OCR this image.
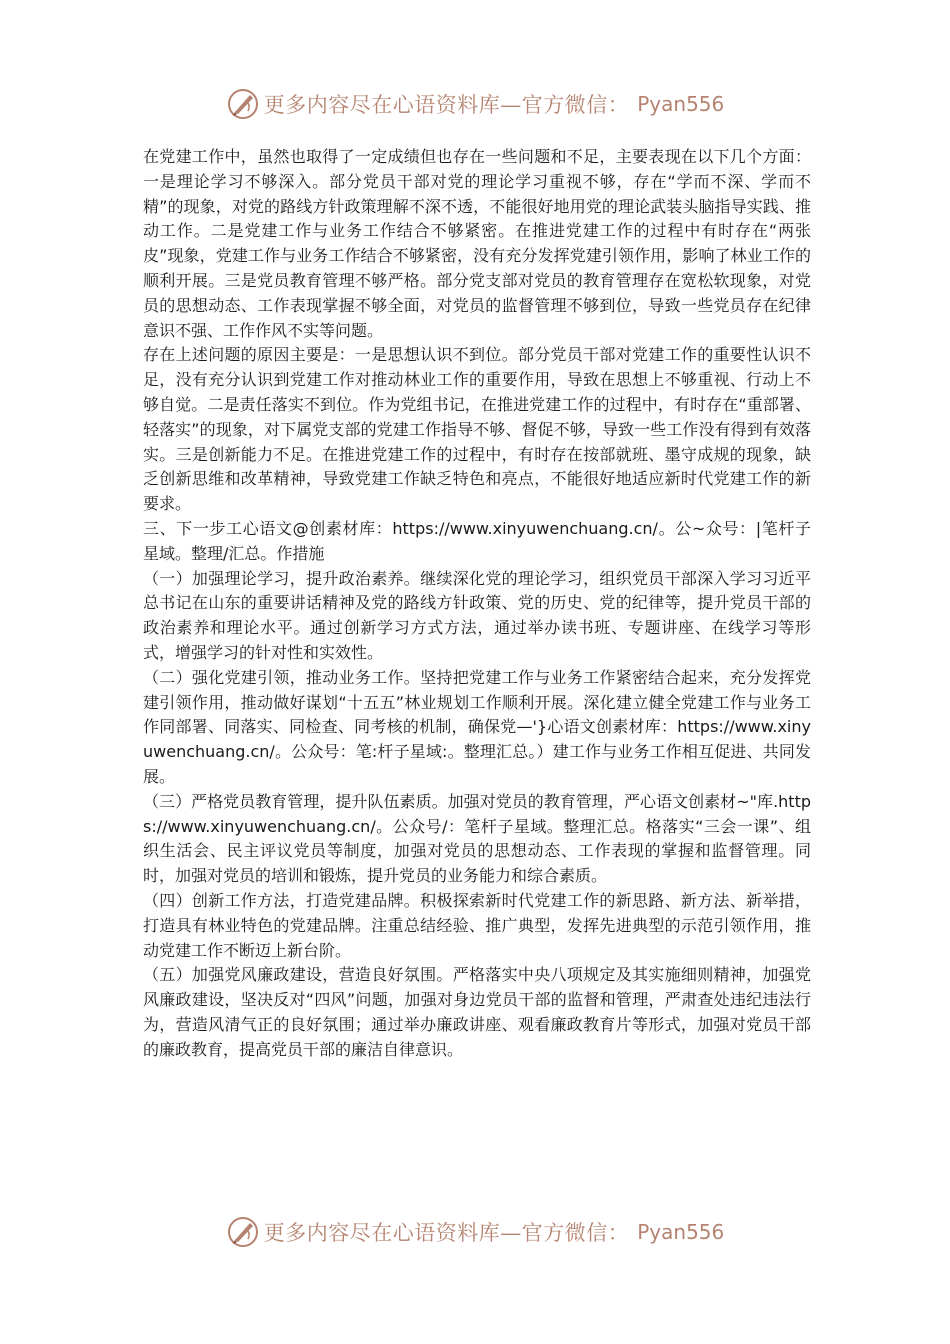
更多内容尽在心语资料库—官方微信： Pyan556

在党建工作中，虽然也取得了一定成绩但也存在一些问题和不足，主要表现在以下几个方面：一是理论学习不够深入。部分党员干部对党的理论学习重视不够，存在“学而不深、学而不精”的现象，对党的路线方针政策理解不深不透，不能很好地用党的理论武装头脑指导实践、推动工作。二是党建工作与业务工作结合不够紧密。在推进党建工作的过程中有时存在“两张皮”现象，党建工作与业务工作结合不够紧密，没有充分发挥党建引领作用，影响了林业工作的顺利开展。三是党员教育管理不够严格。部分党支部对党员的教育管理存在宽松软现象，对党员的思想动态、工作表现掌握不够全面，对党员的监督管理不够到位，导致一些党员存在纪律意识不强、工作作风不实等问题。

存在上述问题的原因主要是：一是思想认识不到位。部分党员干部对党建工作的重要性认识不足，没有充分认识到党建工作对推动林业工作的重要作用，导致在思想上不够重视、行动上不够自觉。二是责任落实不到位。作为党组书记，在推进党建工作的过程中，有时存在“重部署、轻落实”的现象，对下属党支部的党建工作指导不够、督促不够，导致一些工作没有得到有效落实。三是创新能力不足。在推进党建工作的过程中，有时存在按部就班、墨守成规的现象，缺乏创新思维和改革精神，导致党建工作缺乏特色和亮点，不能很好地适应新时代党建工作的新要求。

三、下一步工心语文@创素材库：https://www.xinyuwenchuang.cn/。公~众号：|笔杆子星域。整理/汇总。作措施

（一）加强理论学习，提升政治素养。继续深化党的理论学习，组织党员干部深入学习习近平总书记在山东的重要讲话精神及党的路线方针政策、党的历史、党的纪律等，提升党员干部的政治素养和理论水平。通过创新学习方式方法，通过举办读书班、专题讲座、在线学习等形式，增强学习的针对性和实效性。

（二）强化党建引领，推动业务工作。坚持把党建工作与业务工作紧密结合起来，充分发挥党建引领作用，推动做好谋划“十五五”林业规划工作顺利开展。深化建立健全党建工作与业务工作同部署、同落实、同检查、同考核的机制，确保党—'}心语文创素材库：https://www.xinyuwenchuang.cn/。公众号：笔:杆子星域:。整理汇总。）建工作与业务工作相互促进、共同发展。

（三）严格党员教育管理，提升队伍素质。加强对党员的教育管理，严心语文创素材~"库.https://www.xinyuwenchuang.cn/。公众号/：笔杆子星域。整理汇总。格落实“三会一课”、组织生活会、民主评议党员等制度，加强对党员的思想动态、工作表现的掌握和监督管理。同时，加强对党员的培训和锻炼，提升党员的业务能力和综合素质。

（四）创新工作方法，打造党建品牌。积极探索新时代党建工作的新思路、新方法、新举措，打造具有林业特色的党建品牌。注重总结经验、推广典型，发挥先进典型的示范引领作用，推动党建工作不断迈上新台阶。

（五）加强党风廉政建设，营造良好氛围。严格落实中央八项规定及其实施细则精神，加强党风廉政建设，坚决反对“四风”问题，加强对身边党员干部的监督和管理，严肃查处违纪违法行为，营造风清气正的良好氛围；通过举办廉政讲座、观看廉政教育片等形式，加强对党员干部的廉政教育，提高党员干部的廉洁自律意识。

更多内容尽在心语资料库—官方微信： Pyan556
